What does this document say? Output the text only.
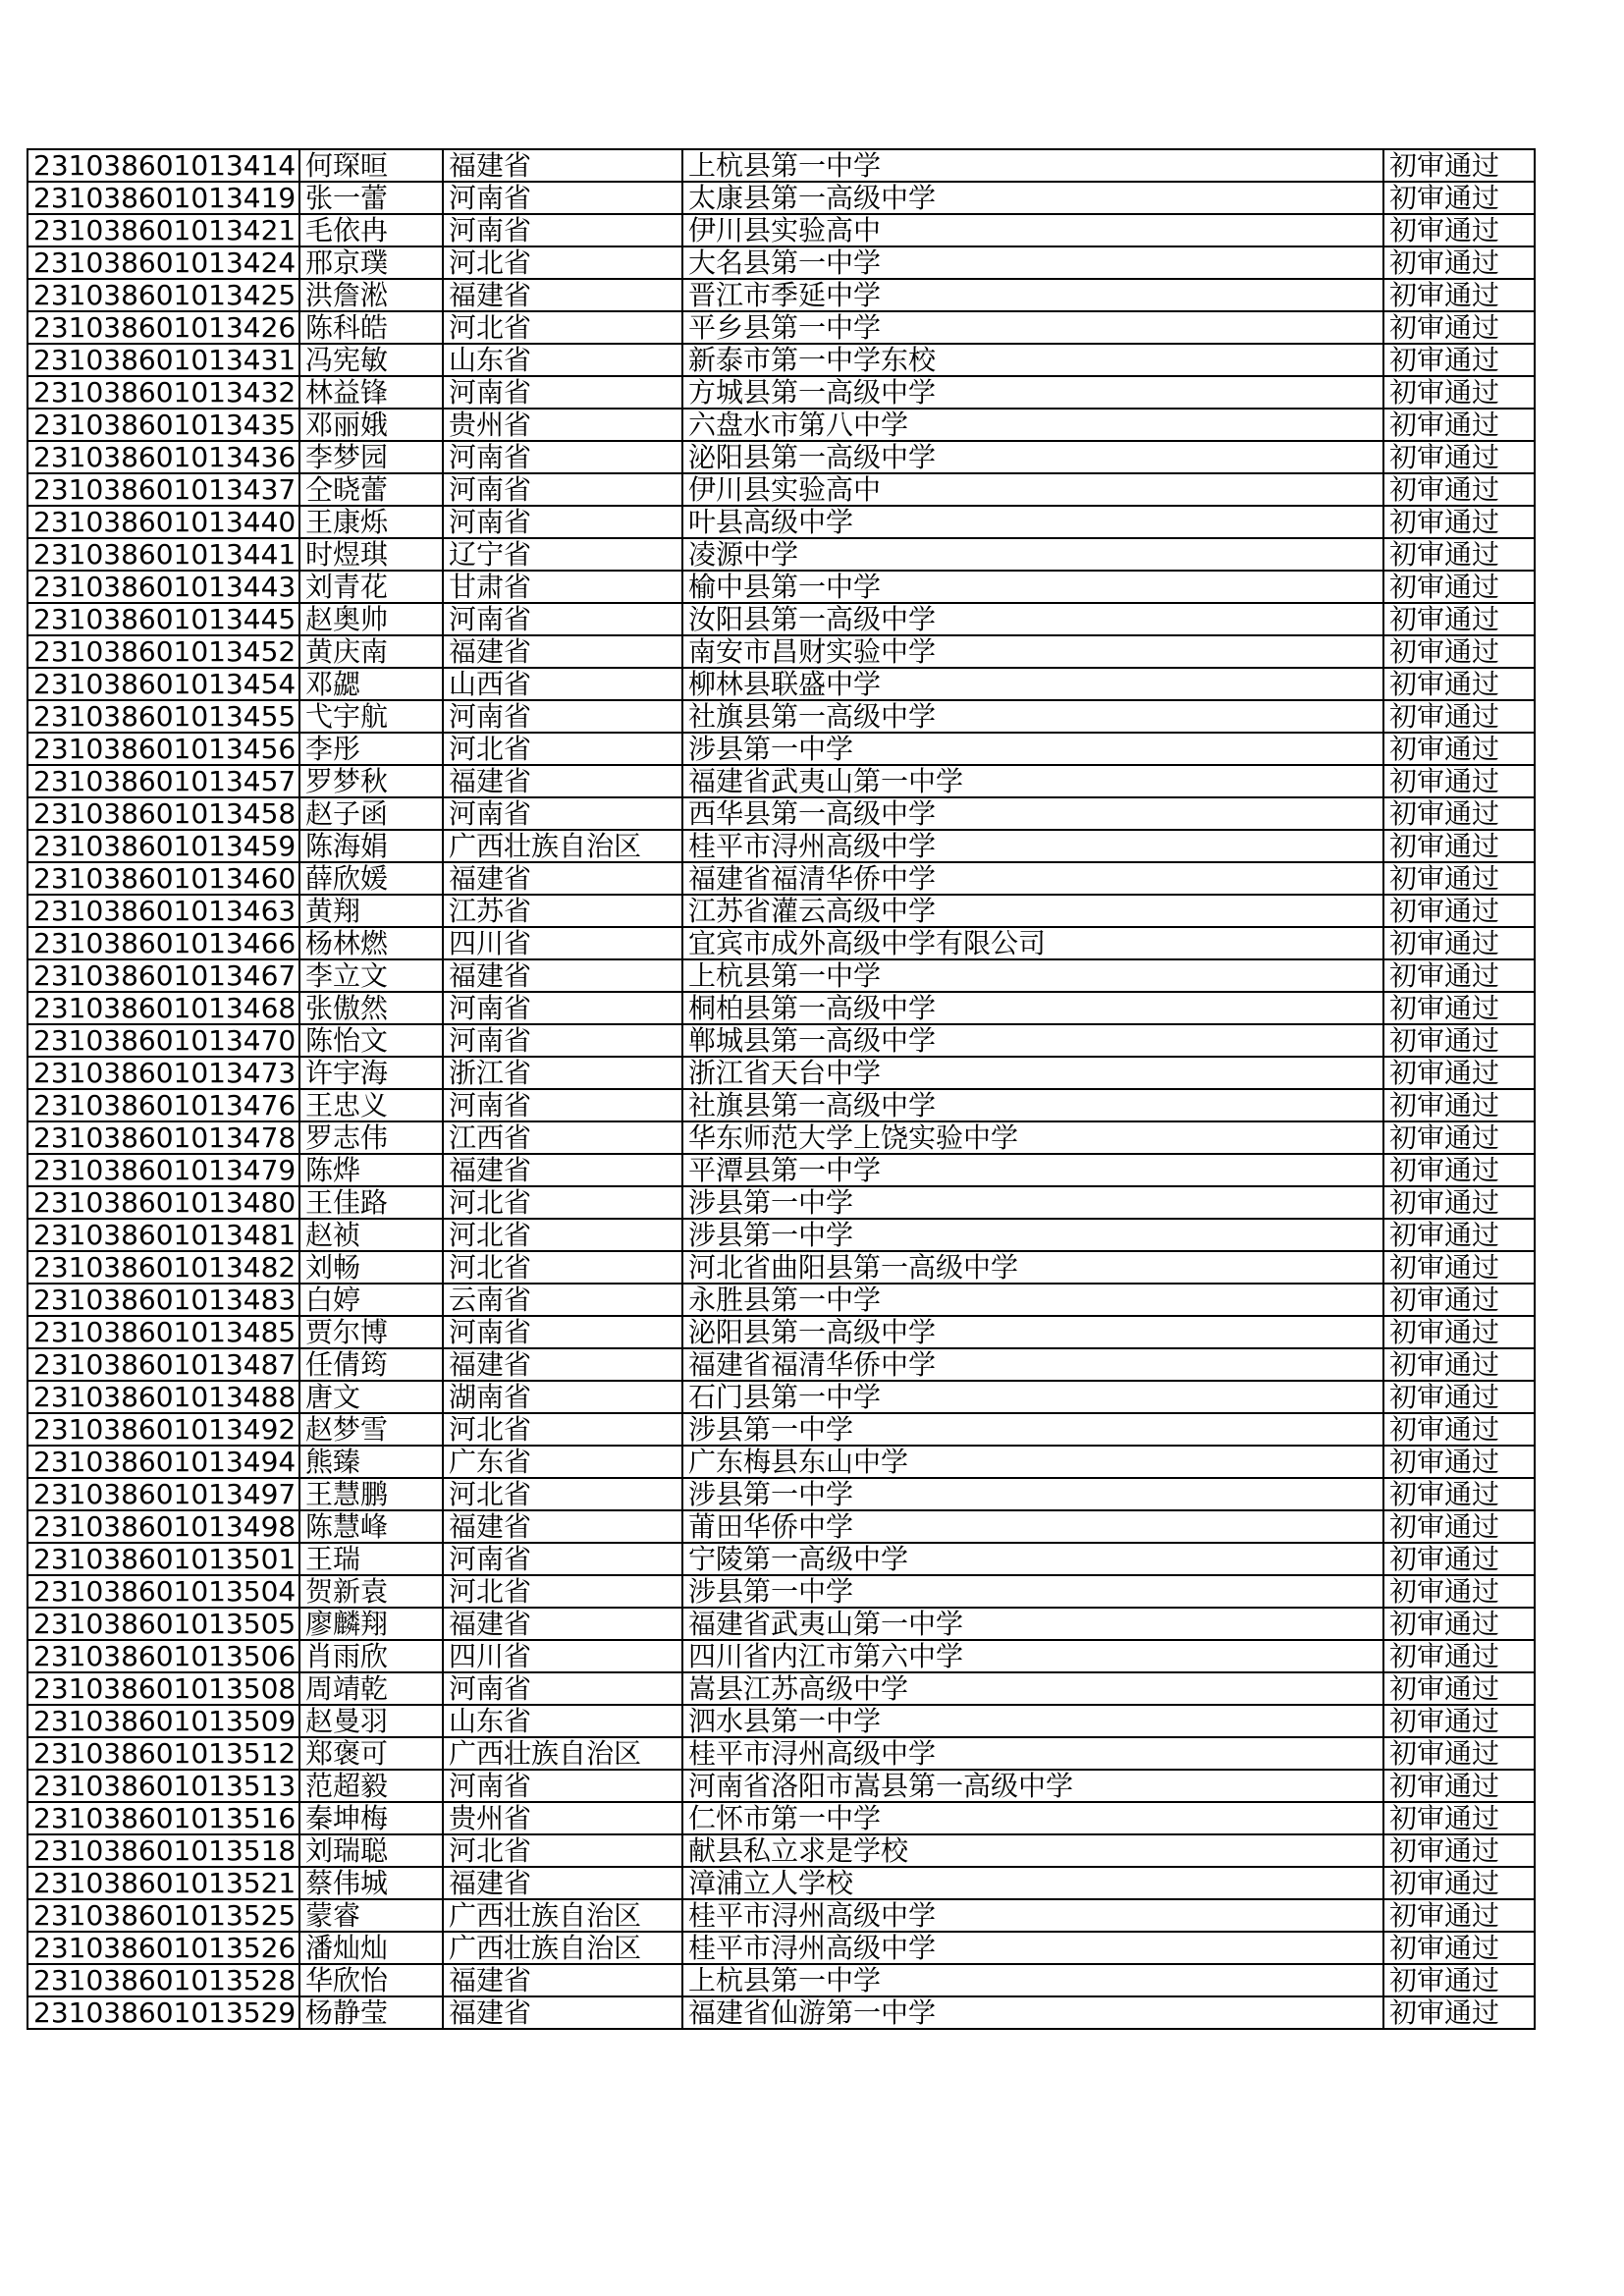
231038601013414	何琛晅	福建省	上杭县第一中学	初审通过
231038601013419	张一蕾	河南省	太康县第一高级中学	初审通过
231038601013421	毛依冉	河南省	伊川县实验高中	初审通过
231038601013424	邢京璞	河北省	大名县第一中学	初审通过
231038601013425	洪詹淞	福建省	晋江市季延中学	初审通过
231038601013426	陈科皓	河北省	平乡县第一中学	初审通过
231038601013431	冯宪敏	山东省	新泰市第一中学东校	初审通过
231038601013432	林益锋	河南省	方城县第一高级中学	初审通过
231038601013435	邓丽娥	贵州省	六盘水市第八中学	初审通过
231038601013436	李梦园	河南省	泌阳县第一高级中学	初审通过
231038601013437	仝晓蕾	河南省	伊川县实验高中	初审通过
231038601013440	王康烁	河南省	叶县高级中学	初审通过
231038601013441	时煜琪	辽宁省	凌源中学	初审通过
231038601013443	刘青花	甘肃省	榆中县第一中学	初审通过
231038601013445	赵奥帅	河南省	汝阳县第一高级中学	初审通过
231038601013452	黄庆南	福建省	南安市昌财实验中学	初审通过
231038601013454	邓勰	山西省	柳林县联盛中学	初审通过
231038601013455	弋宇航	河南省	社旗县第一高级中学	初审通过
231038601013456	李彤	河北省	涉县第一中学	初审通过
231038601013457	罗梦秋	福建省	福建省武夷山第一中学	初审通过
231038601013458	赵子函	河南省	西华县第一高级中学	初审通过
231038601013459	陈海娟	广西壮族自治区	桂平市浔州高级中学	初审通过
231038601013460	薛欣媛	福建省	福建省福清华侨中学	初审通过
231038601013463	黄翔	江苏省	江苏省灌云高级中学	初审通过
231038601013466	杨林燃	四川省	宜宾市成外高级中学有限公司	初审通过
231038601013467	李立文	福建省	上杭县第一中学	初审通过
231038601013468	张傲然	河南省	桐柏县第一高级中学	初审通过
231038601013470	陈怡文	河南省	郸城县第一高级中学	初审通过
231038601013473	许宇海	浙江省	浙江省天台中学	初审通过
231038601013476	王忠义	河南省	社旗县第一高级中学	初审通过
231038601013478	罗志伟	江西省	华东师范大学上饶实验中学	初审通过
231038601013479	陈烨	福建省	平潭县第一中学	初审通过
231038601013480	王佳路	河北省	涉县第一中学	初审通过
231038601013481	赵祯	河北省	涉县第一中学	初审通过
231038601013482	刘畅	河北省	河北省曲阳县第一高级中学	初审通过
231038601013483	白婷	云南省	永胜县第一中学	初审通过
231038601013485	贾尔博	河南省	泌阳县第一高级中学	初审通过
231038601013487	任倩筠	福建省	福建省福清华侨中学	初审通过
231038601013488	唐文	湖南省	石门县第一中学	初审通过
231038601013492	赵梦雪	河北省	涉县第一中学	初审通过
231038601013494	熊臻	广东省	广东梅县东山中学	初审通过
231038601013497	王慧鹏	河北省	涉县第一中学	初审通过
231038601013498	陈慧峰	福建省	莆田华侨中学	初审通过
231038601013501	王瑞	河南省	宁陵第一高级中学	初审通过
231038601013504	贺新袁	河北省	涉县第一中学	初审通过
231038601013505	廖麟翔	福建省	福建省武夷山第一中学	初审通过
231038601013506	肖雨欣	四川省	四川省内江市第六中学	初审通过
231038601013508	周靖乾	河南省	嵩县江苏高级中学	初审通过
231038601013509	赵曼羽	山东省	泗水县第一中学	初审通过
231038601013512	郑褒可	广西壮族自治区	桂平市浔州高级中学	初审通过
231038601013513	范超毅	河南省	河南省洛阳市嵩县第一高级中学	初审通过
231038601013516	秦坤梅	贵州省	仁怀市第一中学	初审通过
231038601013518	刘瑞聪	河北省	献县私立求是学校	初审通过
231038601013521	蔡伟城	福建省	漳浦立人学校	初审通过
231038601013525	蒙睿	广西壮族自治区	桂平市浔州高级中学	初审通过
231038601013526	潘灿灿	广西壮族自治区	桂平市浔州高级中学	初审通过
231038601013528	华欣怡	福建省	上杭县第一中学	初审通过
231038601013529	杨静莹	福建省	福建省仙游第一中学	初审通过
